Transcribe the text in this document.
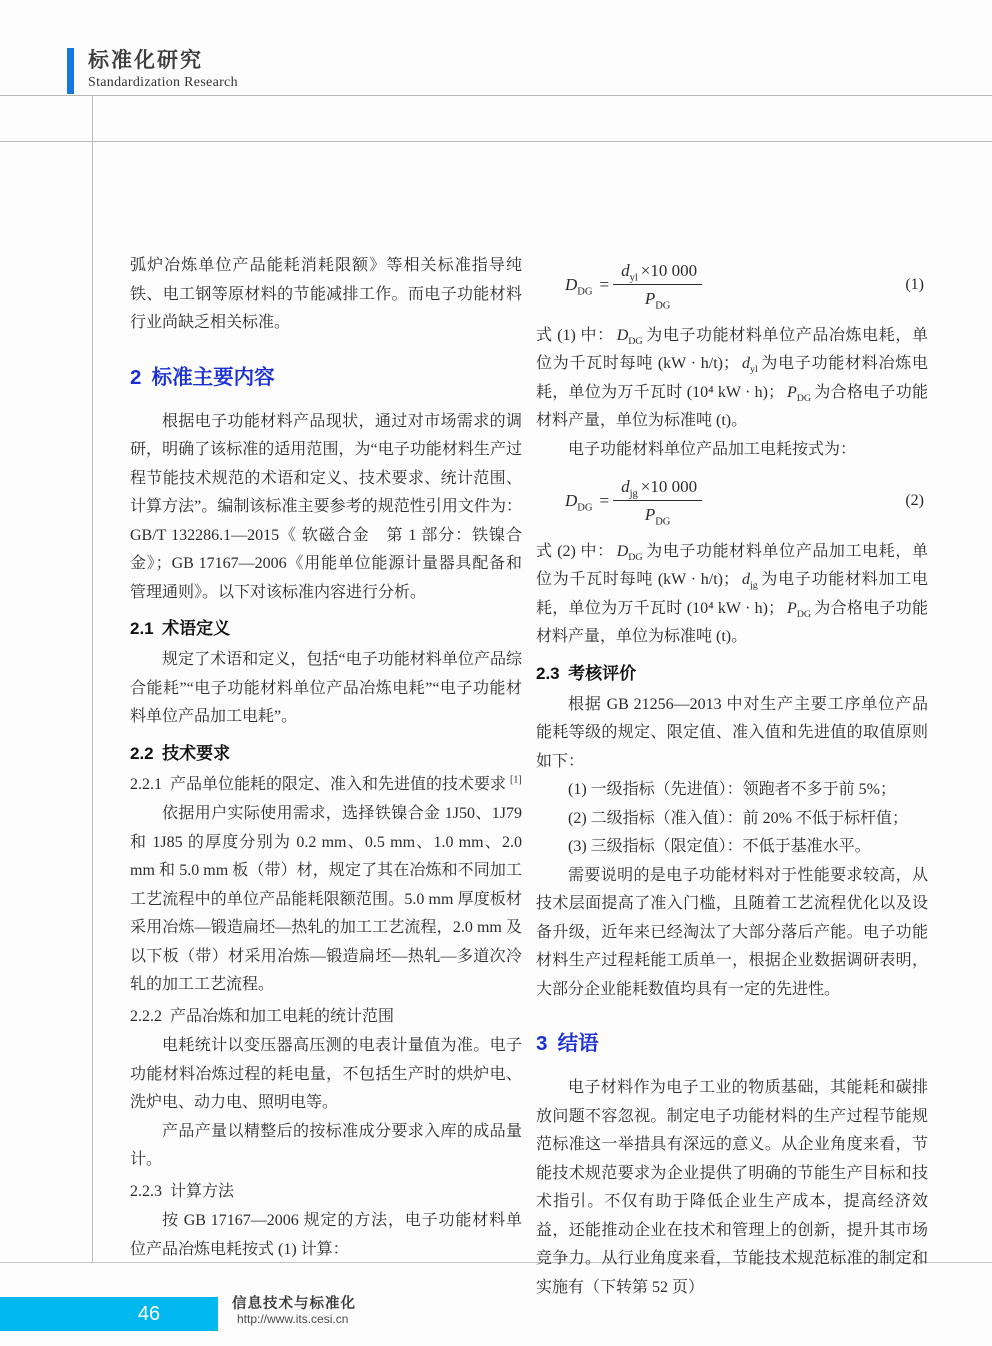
标准化研究
Standardization Research

弧炉冶炼单位产品能耗消耗限额》等相关标准指导纯铁、电工钢等原材料的节能减排工作。而电子功能材料行业尚缺乏相关标准。

2 标准主要内容

根据电子功能材料产品现状，通过对市场需求的调研，明确了该标准的适用范围，为“电子功能材料生产过程节能技术规范的术语和定义、技术要求、统计范围、计算方法”。编制该标准主要参考的规范性引用文件为：GB/T 132286.1—2015《 软磁合金　第 1 部分：铁镍合金》；GB 17167—2006《用能单位能源计量器具配备和管理通则》。以下对该标准内容进行分析。

2.1 术语定义

规定了术语和定义，包括“电子功能材料单位产品综合能耗”“电子功能材料单位产品冶炼电耗”“电子功能材料单位产品加工电耗”。

2.2 技术要求

2.2.1 产品单位能耗的限定、准入和先进值的技术要求 [1]

依据用户实际使用需求，选择铁镍合金 1J50、1J79 和 1J85 的厚度分别为 0.2 mm、0.5 mm、1.0 mm、2.0 mm 和 5.0 mm 板（带）材，规定了其在冶炼和不同加工工艺流程中的单位产品能耗限额范围。5.0 mm 厚度板材采用冶炼—锻造扁坯—热轧的加工工艺流程，2.0 mm 及以下板（带）材采用冶炼—锻造扁坯—热轧—多道次冷轧的加工工艺流程。

2.2.2 产品冶炼和加工电耗的统计范围

电耗统计以变压器高压测的电表计量值为准。电子功能材料冶炼过程的耗电量，不包括生产时的烘炉电、洗炉电、动力电、照明电等。

产品产量以精整后的按标准成分要求入库的成品量计。

2.2.3 计算方法

按 GB 17167—2006 规定的方法，电子功能材料单位产品冶炼电耗按式 (1) 计算：

$D_{DG} = \frac{d_{yl} \times 10 000}{P_{DG}}$	(1)

式 (1) 中： $D_{DG}$ 为电子功能材料单位产品冶炼电耗，单位为千瓦时每吨 (kW · h/t)； $d_{yl}$ 为电子功能材料冶炼电耗，单位为万千瓦时 (10⁴ kW · h)； $P_{DG}$ 为合格电子功能材料产量，单位为标准吨 (t)。

电子功能材料单位产品加工电耗按式为：

$D_{DG} = \frac{d_{jg} \times 10 000}{P_{DG}}$	(2)

式 (2) 中： $D_{DG}$ 为电子功能材料单位产品加工电耗，单位为千瓦时每吨 (kW · h/t)； $d_{jg}$ 为电子功能材料加工电耗，单位为万千瓦时 (10⁴ kW · h)； $P_{DG}$ 为合格电子功能材料产量，单位为标准吨 (t)。

2.3 考核评价

根据 GB 21256—2013 中对生产主要工序单位产品能耗等级的规定、限定值、准入值和先进值的取值原则如下：

(1) 一级指标（先进值）：领跑者不多于前 5%；

(2) 二级指标（准入值）：前 20% 不低于标杆值；

(3) 三级指标（限定值）：不低于基准水平。

需要说明的是电子功能材料对于性能要求较高，从技术层面提高了准入门槛，且随着工艺流程优化以及设备升级，近年来已经淘汰了大部分落后产能。电子功能材料生产过程耗能工质单一，根据企业数据调研表明，大部分企业能耗数值均具有一定的先进性。

3 结语

电子材料作为电子工业的物质基础，其能耗和碳排放问题不容忽视。制定电子功能材料的生产过程节能规范标准这一举措具有深远的意义。从企业角度来看，节能技术规范要求为企业提供了明确的节能生产目标和技术指引。不仅有助于降低企业生产成本，提高经济效益，还能推动企业在技术和管理上的创新，提升其市场竞争力。从行业角度来看，节能技术规范标准的制定和实施有（下转第 52 页）

46	信息技术与标准化
http://www.its.cesi.cn
